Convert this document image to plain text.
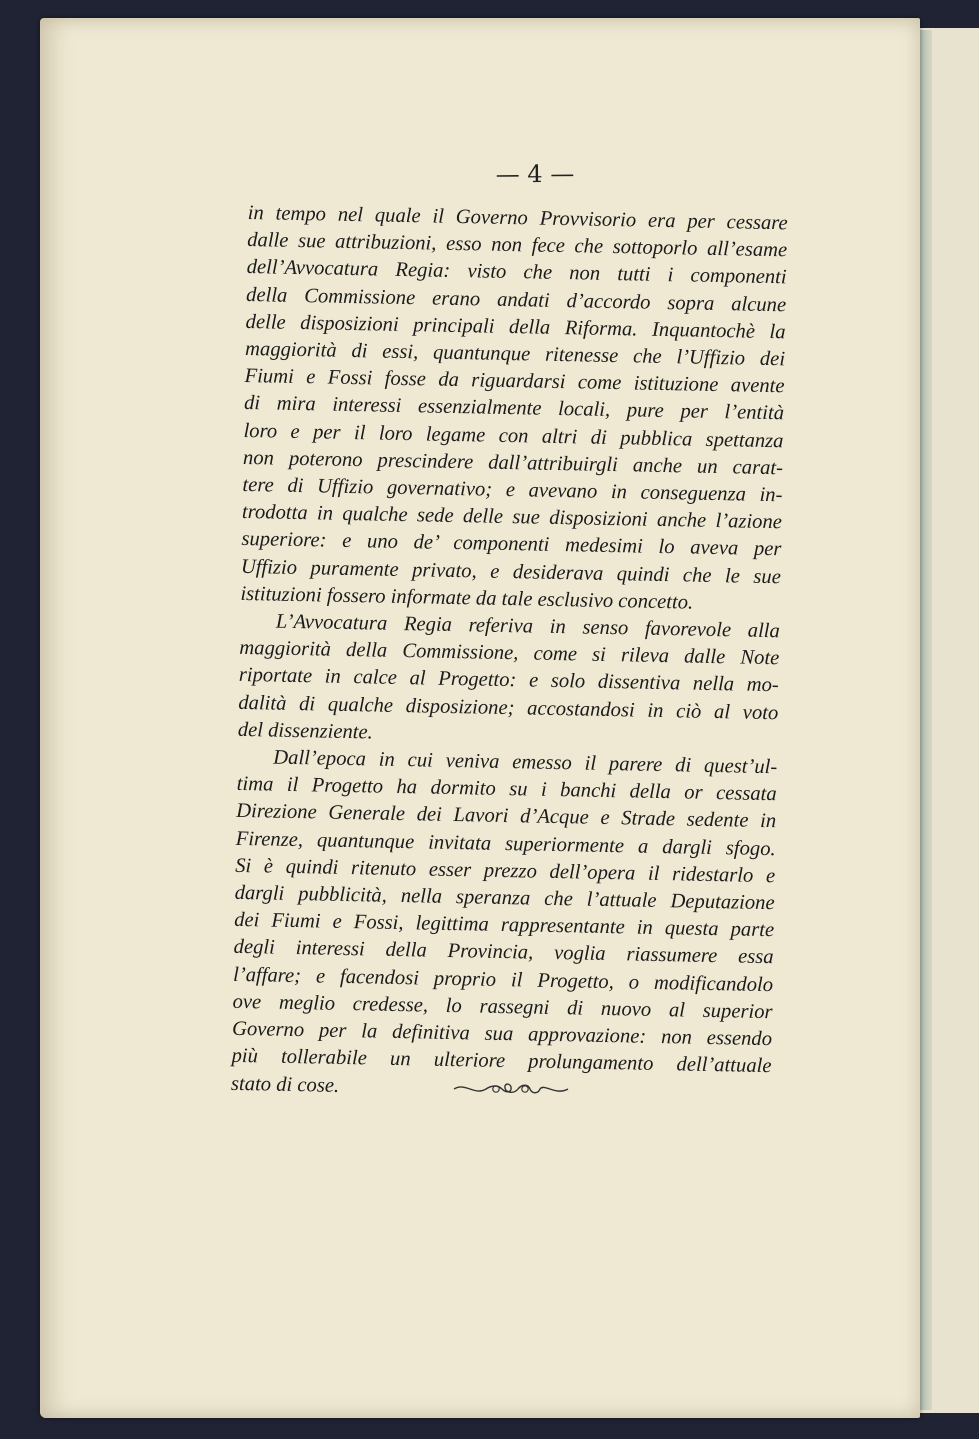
— 4 —
in tempo nel quale il Governo Provvisorio era per cessare
dalle sue attribuzioni, esso non fece che sottoporlo all’esame
dell’Avvocatura Regia: visto che non tutti i componenti
della Commissione erano andati d’accordo sopra alcune
delle disposizioni principali della Riforma. Inquantochè la
maggiorità di essi, quantunque ritenesse che l’Uffizio dei
Fiumi e Fossi fosse da riguardarsi come istituzione avente
di mira interessi essenzialmente locali, pure per l’entità
loro e per il loro legame con altri di pubblica spettanza
non poterono prescindere dall’attribuirgli anche un carat-
tere di Uffizio governativo; e avevano in conseguenza in-
trodotta in qualche sede delle sue disposizioni anche l’azione
superiore: e uno de’ componenti medesimi lo aveva per
Uffizio puramente privato, e desiderava quindi che le sue
istituzioni fossero informate da tale esclusivo concetto.
L’Avvocatura Regia referiva in senso favorevole alla
maggiorità della Commissione, come si rileva dalle Note
riportate in calce al Progetto: e solo dissentiva nella mo-
dalità di qualche disposizione; accostandosi in ciò al voto
del dissenziente.
Dall’epoca in cui veniva emesso il parere di quest’ul-
tima il Progetto ha dormito su i banchi della or cessata
Direzione Generale dei Lavori d’Acque e Strade sedente in
Firenze, quantunque invitata superiormente a dargli sfogo.
Si è quindi ritenuto esser prezzo dell’opera il ridestarlo e
dargli pubblicità, nella speranza che l’attuale Deputazione
dei Fiumi e Fossi, legittima rappresentante in questa parte
degli interessi della Provincia, voglia riassumere essa
l’affare; e facendosi proprio il Progetto, o modificandolo
ove meglio credesse, lo rassegni di nuovo al superior
Governo per la definitiva sua approvazione: non essendo
più tollerabile un ulteriore prolungamento dell’attuale
stato di cose.
